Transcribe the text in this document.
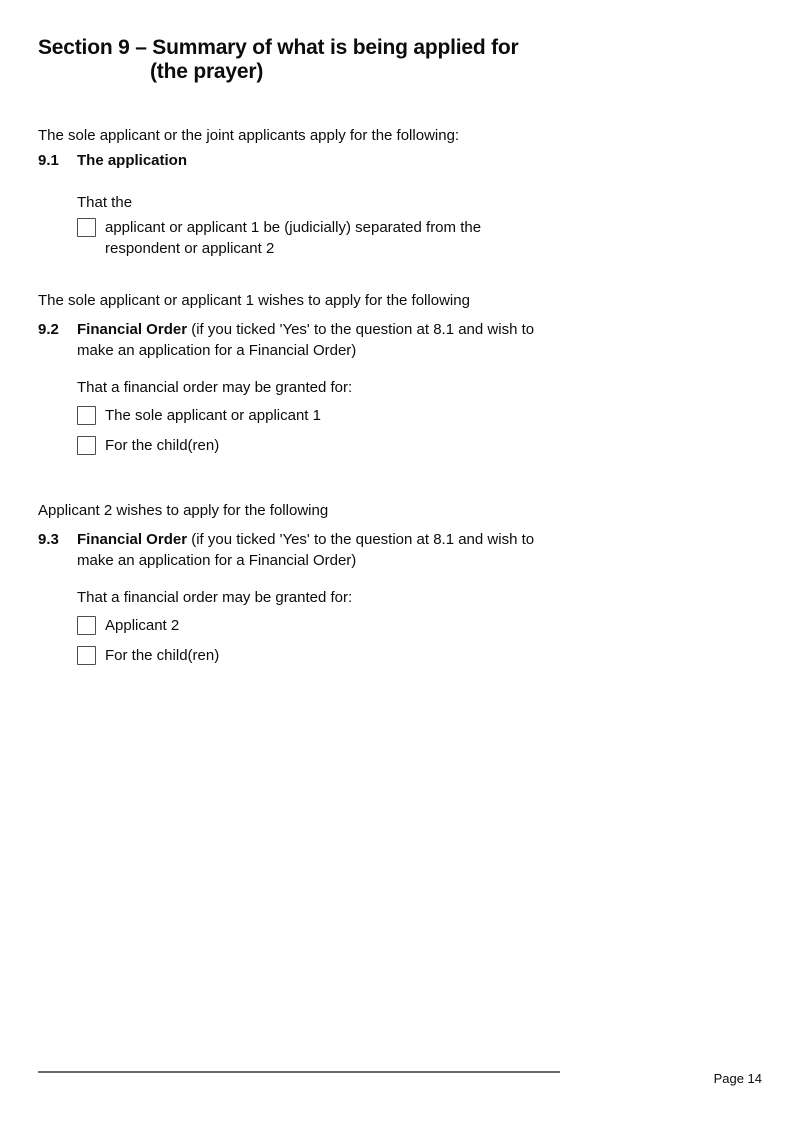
Section 9 – Summary of what is being applied for
(the prayer)

The sole applicant or the joint applicants apply for the following:

9.1	The application

That the

applicant or applicant 1 be (judicially) separated from the respondent or applicant 2

The sole applicant or applicant 1 wishes to apply for the following

9.2	Financial Order (if you ticked 'Yes' to the question at 8.1 and wish to make an application for a Financial Order)

That a financial order may be granted for:

The sole applicant or applicant 1
For the child(ren)

Applicant 2 wishes to apply for the following

9.3	Financial Order (if you ticked 'Yes' to the question at 8.1 and wish to make an application for a Financial Order)

That a financial order may be granted for:

Applicant 2
For the child(ren)
Page 14
